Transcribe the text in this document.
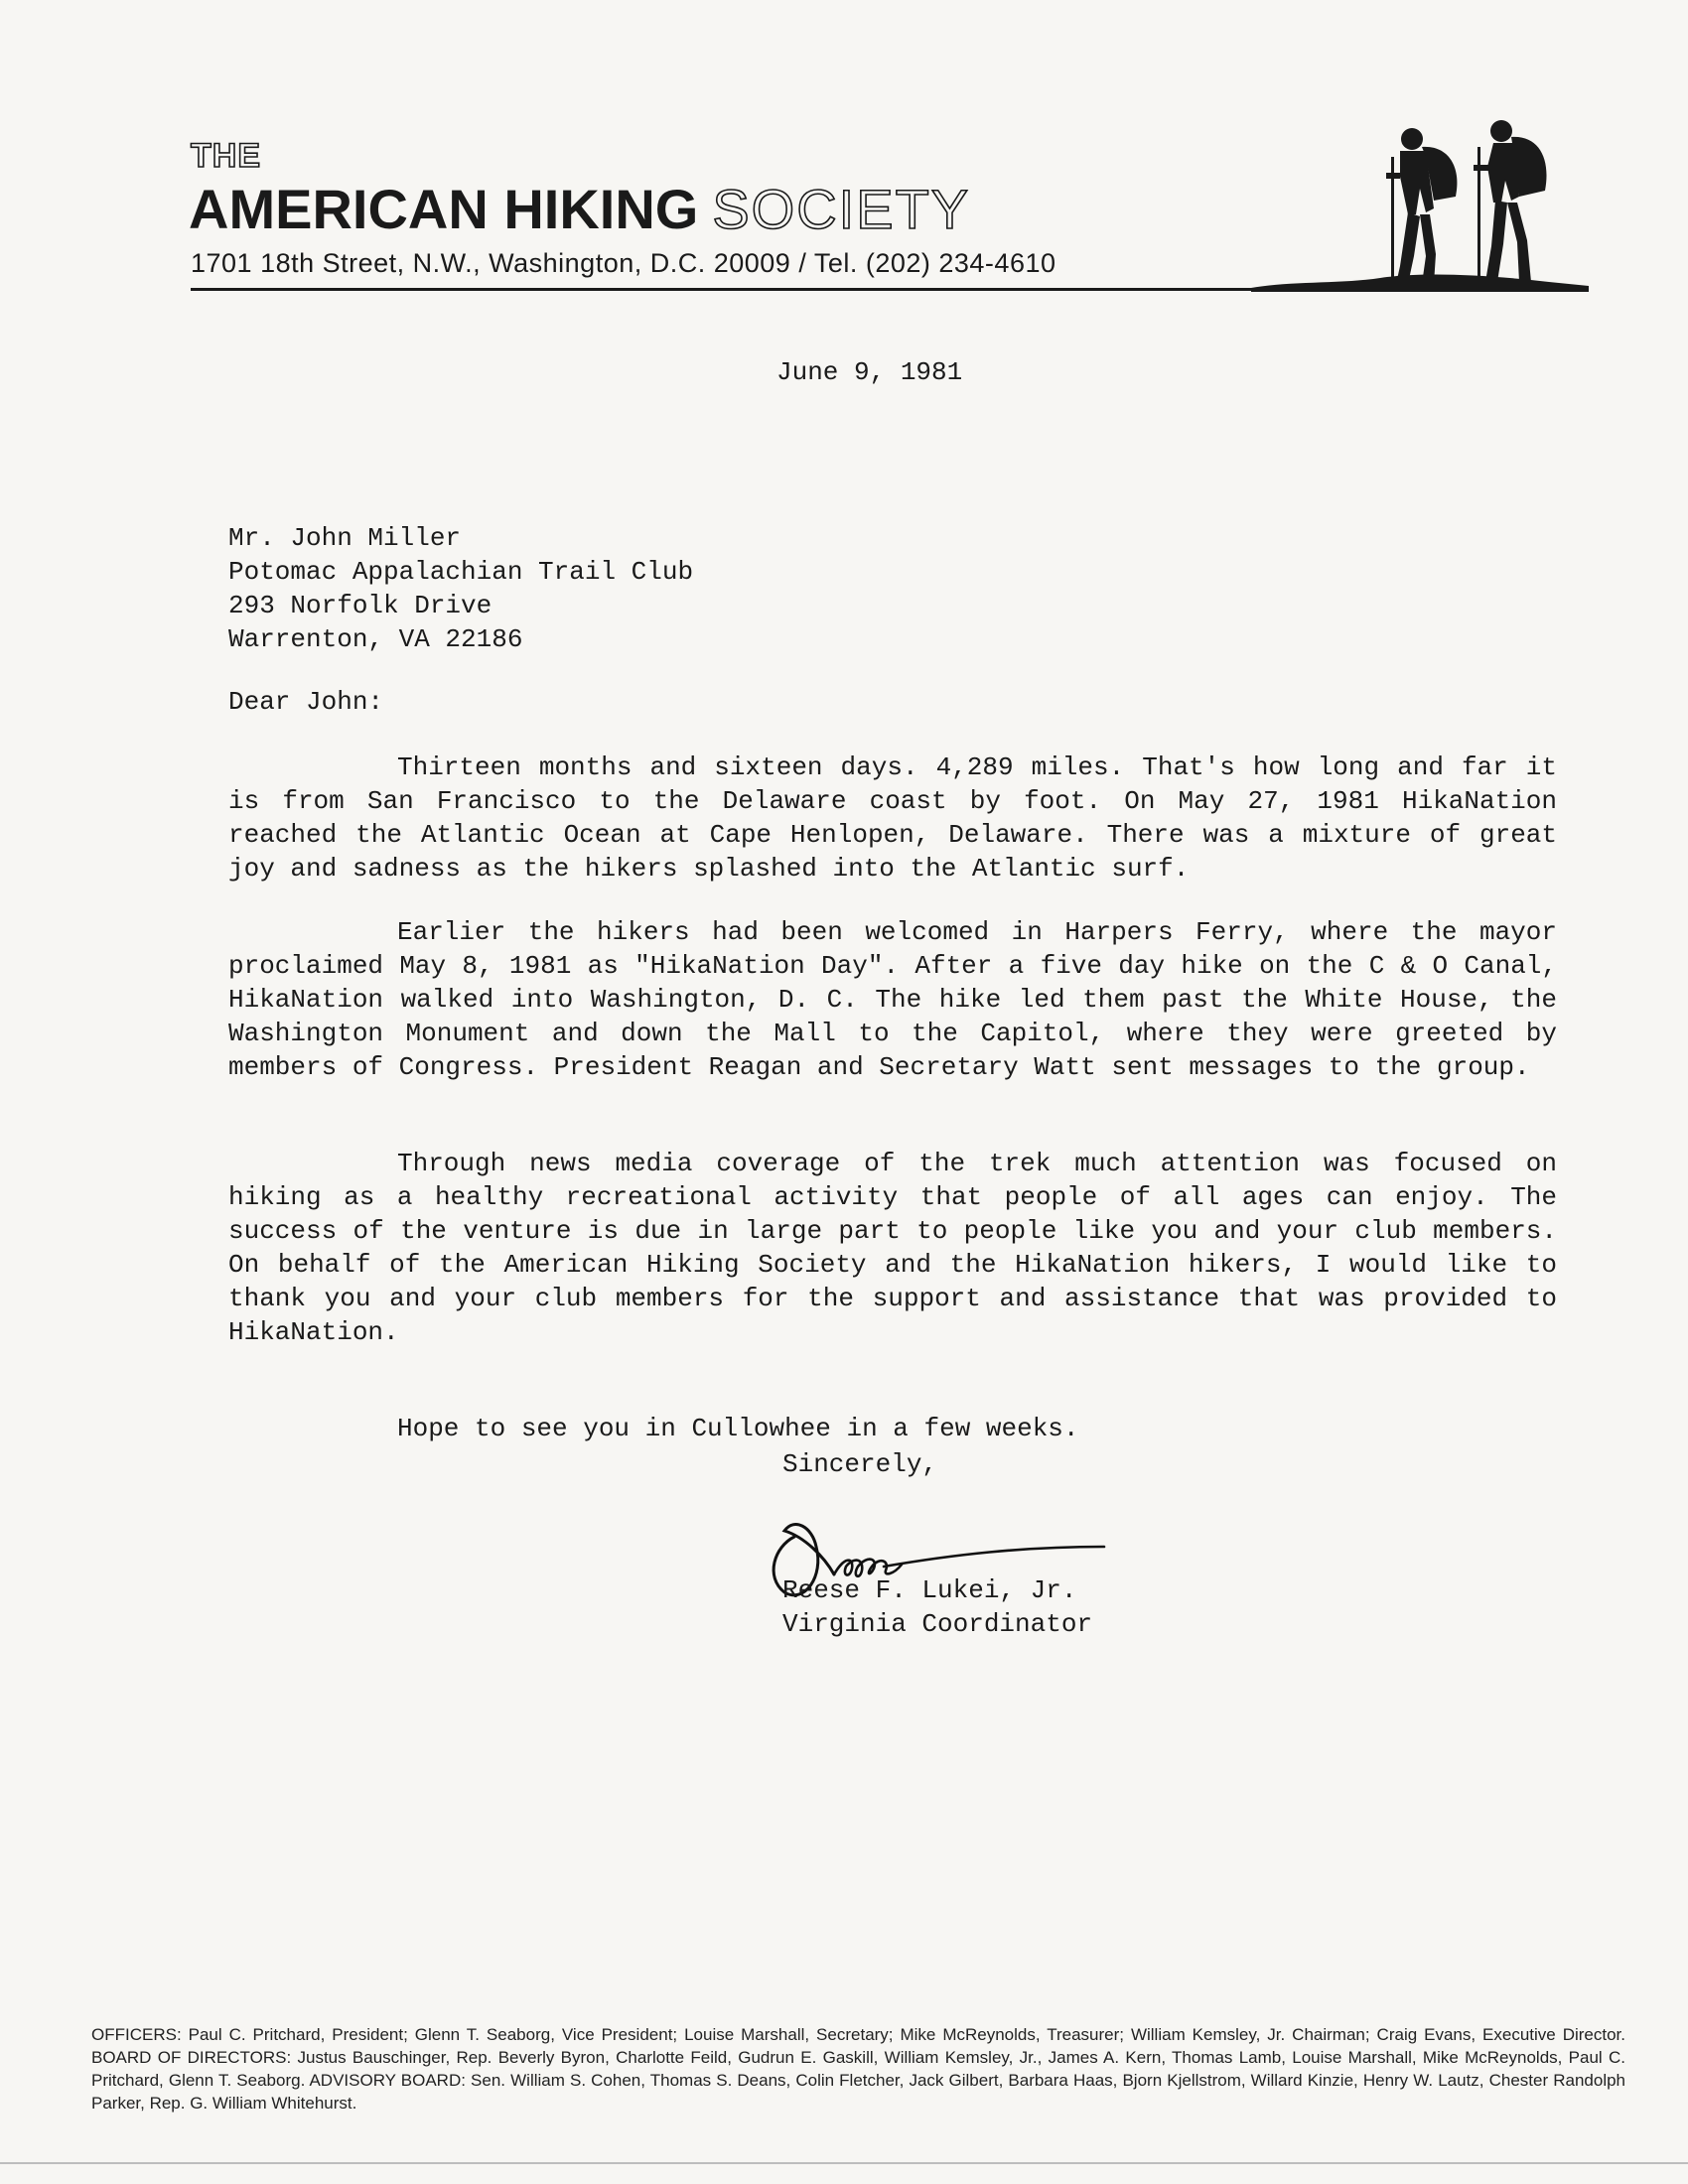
THE
AMERICAN HIKING SOCIETY
1701 18th Street, N.W., Washington, D.C. 20009 / Tel. (202) 234-4610
June 9, 1981
Mr. John Miller
Potomac Appalachian Trail Club
293 Norfolk Drive
Warrenton, VA 22186
Dear John:
Thirteen months and sixteen days. 4,289 miles. That's how long and far it is from San Francisco to the Delaware coast by foot. On May 27, 1981 HikaNation reached the Atlantic Ocean at Cape Henlopen, Delaware. There was a mixture of great joy and sadness as the hikers splashed into the Atlantic surf.
Earlier the hikers had been welcomed in Harpers Ferry, where the mayor proclaimed May 8, 1981 as "HikaNation Day". After a five day hike on the C & O Canal, HikaNation walked into Washington, D. C. The hike led them past the White House, the Washington Monument and down the Mall to the Capitol, where they were greeted by members of Congress. President Reagan and Secretary Watt sent messages to the group.
Through news media coverage of the trek much attention was focused on hiking as a healthy recreational activity that people of all ages can enjoy. The success of the venture is due in large part to people like you and your club members. On behalf of the American Hiking Society and the HikaNation hikers, I would like to thank you and your club members for the support and assistance that was provided to HikaNation.
Hope to see you in Cullowhee in a few weeks.
Sincerely,
Reese F. Lukei, Jr.
Virginia Coordinator
OFFICERS: Paul C. Pritchard, President; Glenn T. Seaborg, Vice President; Louise Marshall, Secretary; Mike McReynolds, Treasurer; William Kemsley, Jr. Chairman; Craig Evans, Executive Director. BOARD OF DIRECTORS: Justus Bauschinger, Rep. Beverly Byron, Charlotte Feild, Gudrun E. Gaskill, William Kemsley, Jr., James A. Kern, Thomas Lamb, Louise Marshall, Mike McReynolds, Paul C. Pritchard, Glenn T. Seaborg. ADVISORY BOARD: Sen. William S. Cohen, Thomas S. Deans, Colin Fletcher, Jack Gilbert, Barbara Haas, Bjorn Kjellstrom, Willard Kinzie, Henry W. Lautz, Chester Randolph Parker, Rep. G. William Whitehurst.
